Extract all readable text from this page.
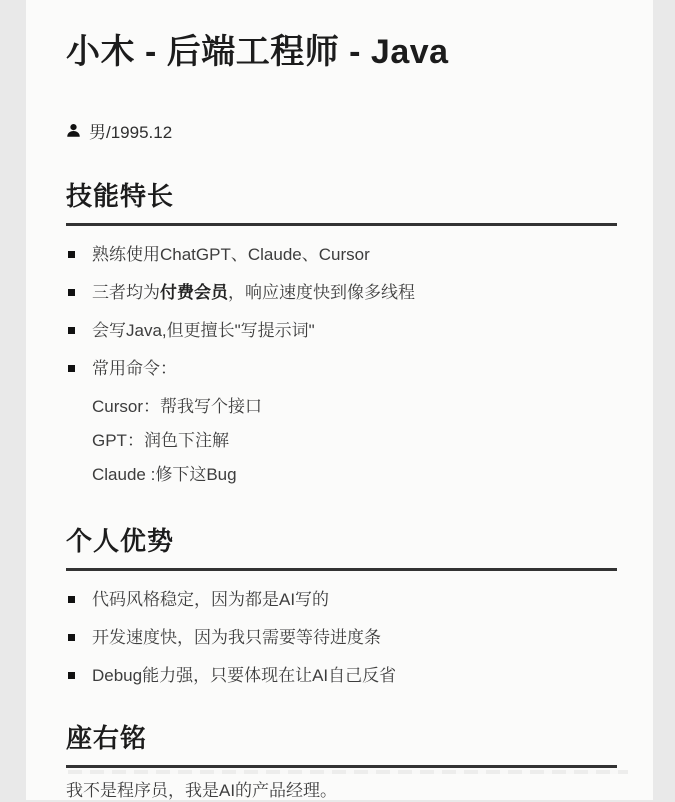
小木 - 后端工程师 - Java
男/1995.12
技能特长
熟练使用ChatGPT、Claude、Cursor
三者均为付费会员，响应速度快到像多线程
会写Java,但更擅长"写提示词"
常用命令：
Cursor：帮我写个接口
GPT：润色下注解
Claude :修下这Bug
个人优势
代码风格稳定，因为都是AI写的
开发速度快，因为我只需要等待进度条
Debug能力强，只要体现在让AI自己反省
座右铭

我不是程序员，我是AI的产品经理。
